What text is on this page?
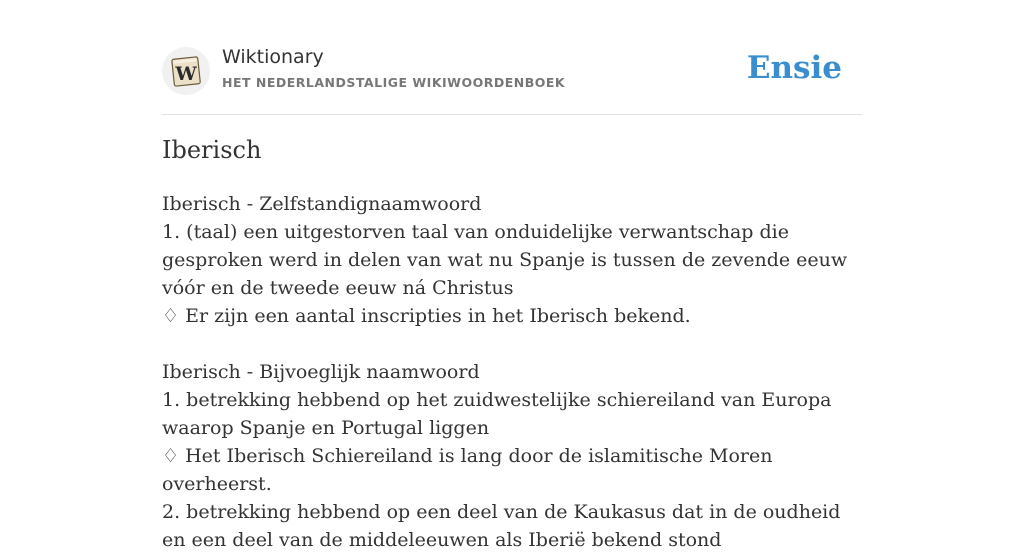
W
Wiktionary
HET NEDERLANDSTALIGE WIKIWOORDENBOEK	Ensie
Iberisch
Iberisch - Zelfstandignaamwoord
1. (taal) een uitgestorven taal van onduidelijke verwantschap die gesproken werd in delen van wat nu Spanje is tussen de zevende eeuw vóór en de tweede eeuw ná Christus
♢ Er zijn een aantal inscripties in het Iberisch bekend.
Iberisch - Bijvoeglijk naamwoord
1. betrekking hebbend op het zuidwestelijke schiereiland van Europa waarop Spanje en Portugal liggen
♢ Het Iberisch Schiereiland is lang door de islamitische Moren overheerst.
2. betrekking hebbend op een deel van de Kaukasus dat in de oudheid en een deel van de middeleeuwen als Iberië bekend stond
